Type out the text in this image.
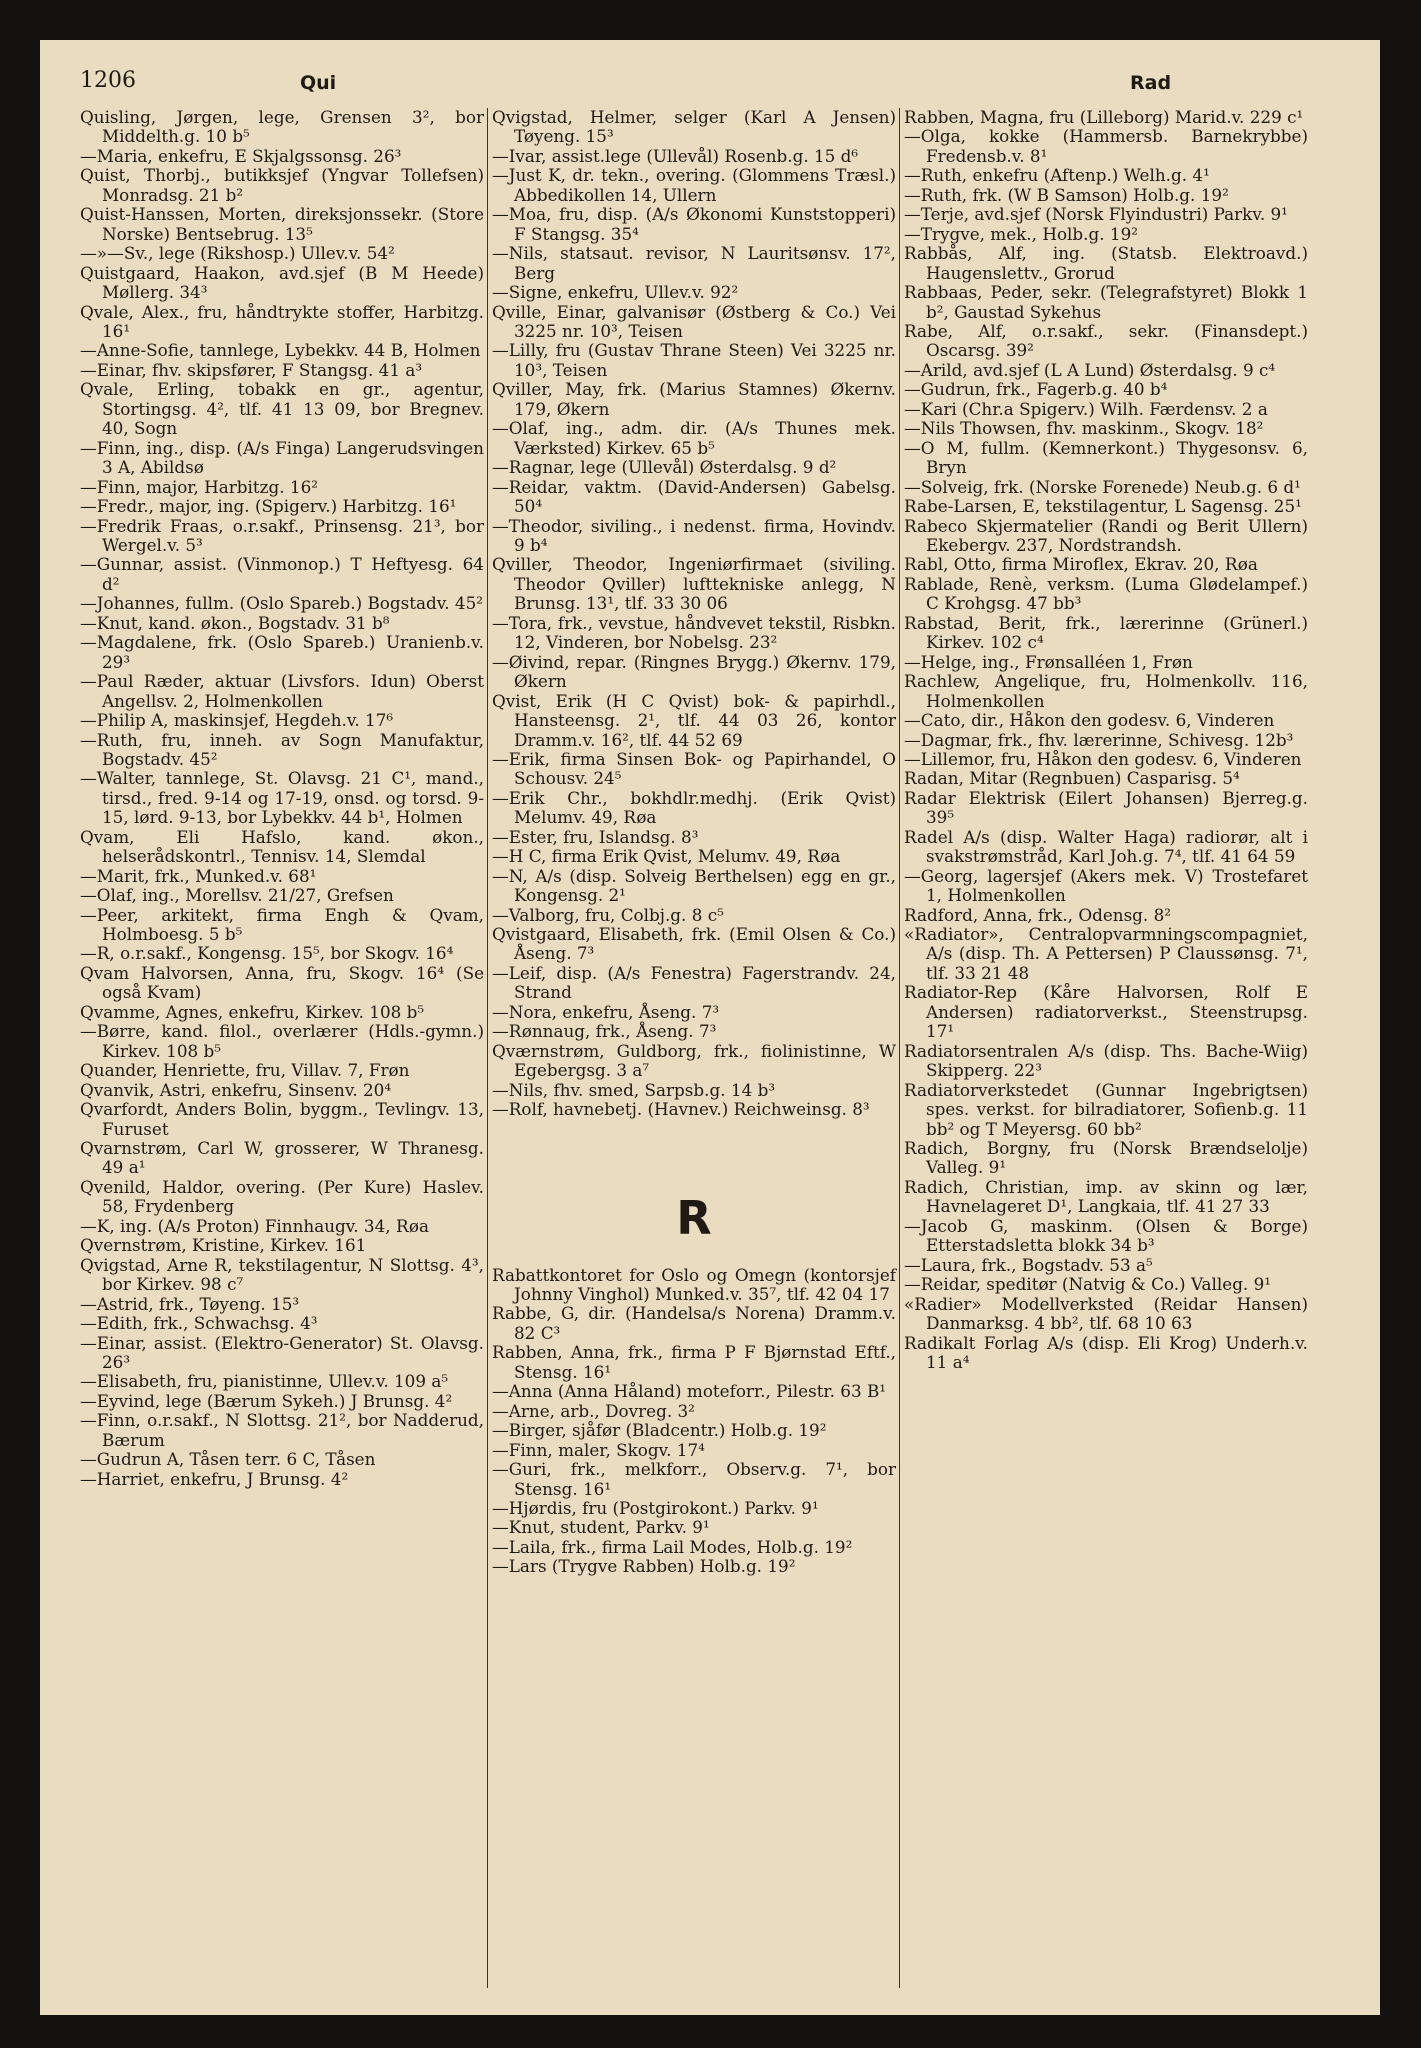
1206	Qui	Rad

Quisling, Jørgen, lege, Grensen 3², bor Middelth.g. 10 b⁵

—Maria, enkefru, E Skjalgssonsg. 26³

Quist, Thorbj., butikksjef (Yngvar Tollefsen) Monradsg. 21 b²

Quist-Hanssen, Morten, direksjonssekr. (Store Norske) Bentsebrug. 13⁵

—»—Sv., lege (Rikshosp.) Ullev.v. 54²

Quistgaard, Haakon, avd.sjef (B M Heede) Møllerg. 34³

Qvale, Alex., fru, håndtrykte stoffer, Harbitzg. 16¹

—Anne-Sofie, tannlege, Lybekkv. 44 B, Holmen

—Einar, fhv. skipsfører, F Stangsg. 41 a³

Qvale, Erling, tobakk en gr., agentur, Stortingsg. 4², tlf. 41 13 09, bor Bregnev. 40, Sogn

—Finn, ing., disp. (A/s Finga) Langerudsvingen 3 A, Abildsø

—Finn, major, Harbitzg. 16²

—Fredr., major, ing. (Spigerv.) Harbitzg. 16¹

—Fredrik Fraas, o.r.sakf., Prinsensg. 21³, bor Wergel.v. 5³

—Gunnar, assist. (Vinmonop.) T Heftyesg. 64 d²

—Johannes, fullm. (Oslo Spareb.) Bogstadv. 45²

—Knut, kand. økon., Bogstadv. 31 b⁸

—Magdalene, frk. (Oslo Spareb.) Uranienb.v. 29³

—Paul Ræder, aktuar (Livsfors. Idun) Oberst Angellsv. 2, Holmenkollen

—Philip A, maskinsjef, Hegdeh.v. 17⁶

—Ruth, fru, inneh. av Sogn Manufaktur, Bogstadv. 45²

—Walter, tannlege, St. Olavsg. 21 C¹, mand., tirsd., fred. 9-14 og 17-19, onsd. og torsd. 9-15, lørd. 9-13, bor Lybekkv. 44 b¹, Holmen

Qvam, Eli Hafslo, kand. økon., helserådskontrl., Tennisv. 14, Slemdal

—Marit, frk., Munked.v. 68¹

—Olaf, ing., Morellsv. 21/27, Grefsen

—Peer, arkitekt, firma Engh & Qvam, Holmboesg. 5 b⁵

—R, o.r.sakf., Kongensg. 15⁵, bor Skogv. 16⁴

Qvam Halvorsen, Anna, fru, Skogv. 16⁴ (Se også Kvam)

Qvamme, Agnes, enkefru, Kirkev. 108 b⁵

—Børre, kand. filol., overlærer (Hdls.-gymn.) Kirkev. 108 b⁵

Quander, Henriette, fru, Villav. 7, Frøn

Qvanvik, Astri, enkefru, Sinsenv. 20⁴

Qvarfordt, Anders Bolin, byggm., Tevlingv. 13, Furuset

Qvarnstrøm, Carl W, grosserer, W Thranesg. 49 a¹

Qvenild, Haldor, overing. (Per Kure) Haslev. 58, Frydenberg

—K, ing. (A/s Proton) Finnhaugv. 34, Røa

Qvernstrøm, Kristine, Kirkev. 161

Qvigstad, Arne R, tekstilagentur, N Slottsg. 4³, bor Kirkev. 98 c⁷

—Astrid, frk., Tøyeng. 15³

—Edith, frk., Schwachsg. 4³

—Einar, assist. (Elektro-Generator) St. Olavsg. 26³

—Elisabeth, fru, pianistinne, Ullev.v. 109 a⁵

—Eyvind, lege (Bærum Sykeh.) J Brunsg. 4²

—Finn, o.r.sakf., N Slottsg. 21², bor Nadderud, Bærum

—Gudrun A, Tåsen terr. 6 C, Tåsen

—Harriet, enkefru, J Brunsg. 4²

Qvigstad, Helmer, selger (Karl A Jensen) Tøyeng. 15³

—Ivar, assist.lege (Ullevål) Rosenb.g. 15 d⁶

—Just K, dr. tekn., overing. (Glommens Træsl.) Abbedikollen 14, Ullern

—Moa, fru, disp. (A/s Økonomi Kunststopperi) F Stangsg. 35⁴

—Nils, statsaut. revisor, N Lauritsønsv. 17², Berg

—Signe, enkefru, Ullev.v. 92²

Qville, Einar, galvanisør (Østberg & Co.) Vei 3225 nr. 10³, Teisen

—Lilly, fru (Gustav Thrane Steen) Vei 3225 nr. 10³, Teisen

Qviller, May, frk. (Marius Stamnes) Økernv. 179, Økern

—Olaf, ing., adm. dir. (A/s Thunes mek. Værksted) Kirkev. 65 b⁵

—Ragnar, lege (Ullevål) Østerdalsg. 9 d²

—Reidar, vaktm. (David-Andersen) Gabelsg. 50⁴

—Theodor, siviling., i nedenst. firma, Hovindv. 9 b⁴

Qviller, Theodor, Ingeniørfirmaet (siviling. Theodor Qviller) lufttekniske anlegg, N Brunsg. 13¹, tlf. 33 30 06

—Tora, frk., vevstue, håndvevet tekstil, Risbkn. 12, Vinderen, bor Nobelsg. 23²

—Øivind, repar. (Ringnes Brygg.) Økernv. 179, Økern

Qvist, Erik (H C Qvist) bok- & papirhdl., Hansteensg. 2¹, tlf. 44 03 26, kontor Dramm.v. 16², tlf. 44 52 69

—Erik, firma Sinsen Bok- og Papirhandel, O Schousv. 24⁵

—Erik Chr., bokhdlr.medhj. (Erik Qvist) Melumv. 49, Røa

—Ester, fru, Islandsg. 8³

—H C, firma Erik Qvist, Melumv. 49, Røa

—N, A/s (disp. Solveig Berthelsen) egg en gr., Kongensg. 2¹

—Valborg, fru, Colbj.g. 8 c⁵

Qvistgaard, Elisabeth, frk. (Emil Olsen & Co.) Åseng. 7³

—Leif, disp. (A/s Fenestra) Fagerstrandv. 24, Strand

—Nora, enkefru, Åseng. 7³

—Rønnaug, frk., Åseng. 7³

Qværnstrøm, Guldborg, frk., fiolinistinne, W Egebergsg. 3 a⁷

—Nils, fhv. smed, Sarpsb.g. 14 b³

—Rolf, havnebetj. (Havnev.) Reichweinsg. 8³

R

Rabattkontoret for Oslo og Omegn (kontorsjef Johnny Vinghol) Munked.v. 35⁷, tlf. 42 04 17

Rabbe, G, dir. (Handelsa/s Norena) Dramm.v. 82 C³

Rabben, Anna, frk., firma P F Bjørnstad Eftf., Stensg. 16¹

—Anna (Anna Håland) moteforr., Pilestr. 63 B¹

—Arne, arb., Dovreg. 3²

—Birger, sjåfør (Bladcentr.) Holb.g. 19²

—Finn, maler, Skogv. 17⁴

—Guri, frk., melkforr., Observ.g. 7¹, bor Stensg. 16¹

—Hjørdis, fru (Postgirokont.) Parkv. 9¹

—Knut, student, Parkv. 9¹

—Laila, frk., firma Lail Modes, Holb.g. 19²

—Lars (Trygve Rabben) Holb.g. 19²

Rabben, Magna, fru (Lilleborg) Marid.v. 229 c¹

—Olga, kokke (Hammersb. Barnekrybbe) Fredensb.v. 8¹

—Ruth, enkefru (Aftenp.) Welh.g. 4¹

—Ruth, frk. (W B Samson) Holb.g. 19²

—Terje, avd.sjef (Norsk Flyindustri) Parkv. 9¹

—Trygve, mek., Holb.g. 19²

Rabbås, Alf, ing. (Statsb. Elektroavd.) Haugenslettv., Grorud

Rabbaas, Peder, sekr. (Telegrafstyret) Blokk 1 b², Gaustad Sykehus

Rabe, Alf, o.r.sakf., sekr. (Finansdept.) Oscarsg. 39²

—Arild, avd.sjef (L A Lund) Østerdalsg. 9 c⁴

—Gudrun, frk., Fagerb.g. 40 b⁴

—Kari (Chr.a Spigerv.) Wilh. Færdensv. 2 a

—Nils Thowsen, fhv. maskinm., Skogv. 18²

—O M, fullm. (Kemnerkont.) Thygesonsv. 6, Bryn

—Solveig, frk. (Norske Forenede) Neub.g. 6 d¹

Rabe-Larsen, E, tekstilagentur, L Sagensg. 25¹

Rabeco Skjermatelier (Randi og Berit Ullern) Ekebergv. 237, Nordstrandsh.

Rabl, Otto, firma Miroflex, Ekrav. 20, Røa

Rablade, Renè, verksm. (Luma Glødelampef.) C Krohgsg. 47 bb³

Rabstad, Berit, frk., lærerinne (Grünerl.) Kirkev. 102 c⁴

—Helge, ing., Frønsalléen 1, Frøn

Rachlew, Angelique, fru, Holmenkollv. 116, Holmenkollen

—Cato, dir., Håkon den godesv. 6, Vinderen

—Dagmar, frk., fhv. lærerinne, Schivesg. 12b³

—Lillemor, fru, Håkon den godesv. 6, Vinderen

Radan, Mitar (Regnbuen) Casparisg. 5⁴

Radar Elektrisk (Eilert Johansen) Bjerreg.g. 39⁵

Radel A/s (disp. Walter Haga) radiorør, alt i svakstrømstråd, Karl Joh.g. 7⁴, tlf. 41 64 59

—Georg, lagersjef (Akers mek. V) Trostefaret 1, Holmenkollen

Radford, Anna, frk., Odensg. 8²

«Radiator», Centralopvarmningscompagniet, A/s (disp. Th. A Pettersen) P Claussønsg. 7¹, tlf. 33 21 48

Radiator-Rep (Kåre Halvorsen, Rolf E Andersen) radiatorverkst., Steenstrupsg. 17¹

Radiatorsentralen A/s (disp. Ths. Bache-Wiig) Skipperg. 22³

Radiatorverkstedet (Gunnar Ingebrigtsen) spes. verkst. for bilradiatorer, Sofienb.g. 11 bb² og T Meyersg. 60 bb²

Radich, Borgny, fru (Norsk Brændselolje) Valleg. 9¹

Radich, Christian, imp. av skinn og lær, Havnelageret D¹, Langkaia, tlf. 41 27 33

—Jacob G, maskinm. (Olsen & Borge) Etterstadsletta blokk 34 b³

—Laura, frk., Bogstadv. 53 a⁵

—Reidar, speditør (Natvig & Co.) Valleg. 9¹

«Radier» Modellverksted (Reidar Hansen) Danmarksg. 4 bb², tlf. 68 10 63

Radikalt Forlag A/s (disp. Eli Krog) Underh.v. 11 a⁴
